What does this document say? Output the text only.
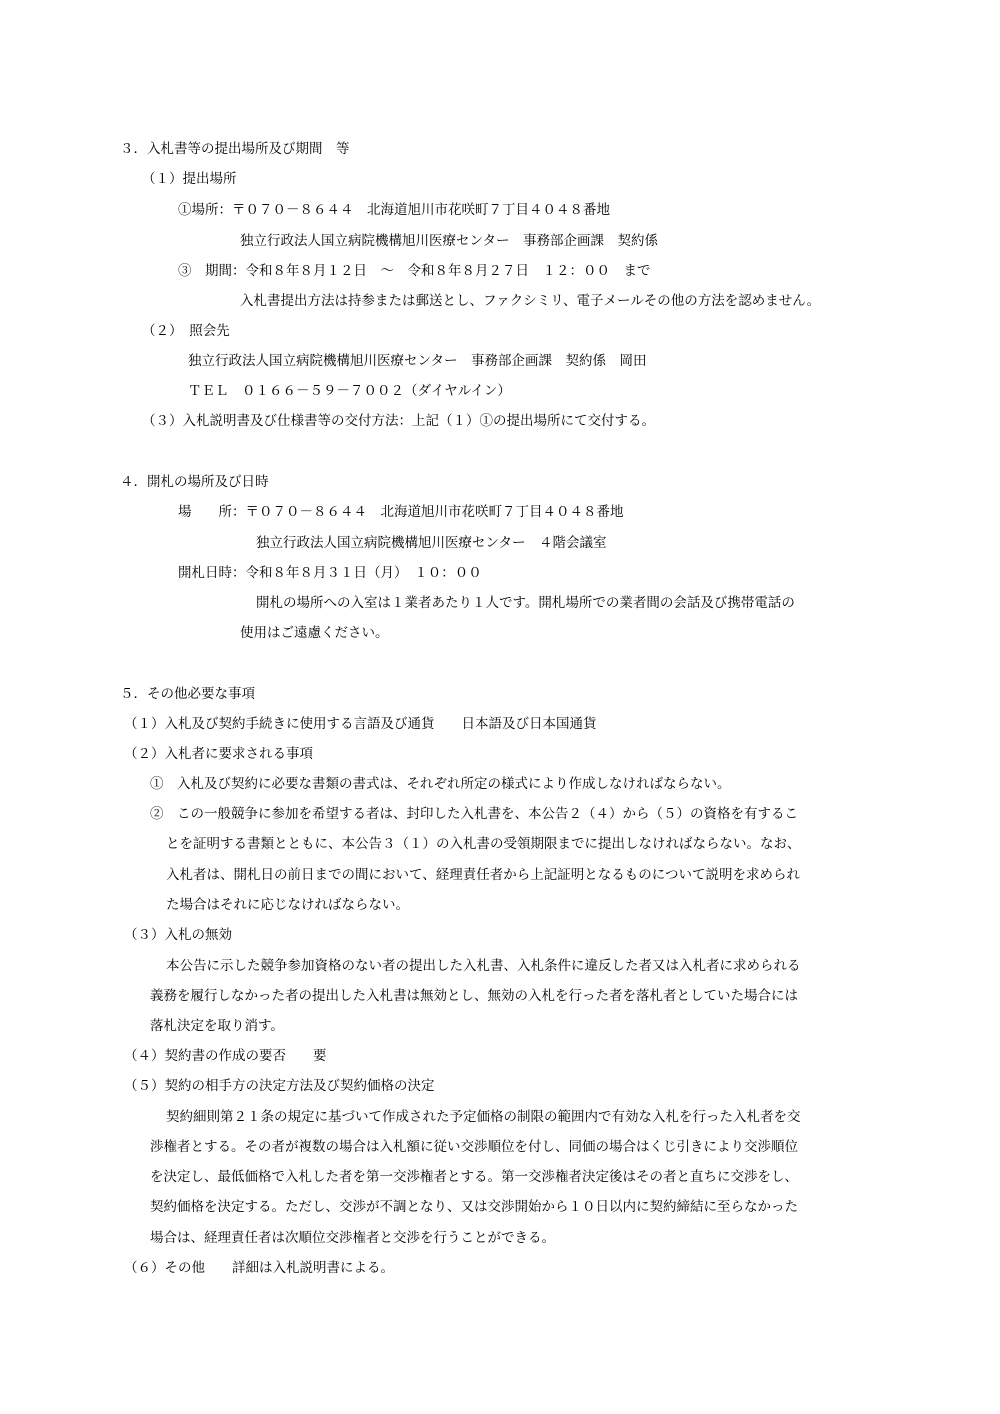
３．入札書等の提出場所及び期間　等
（１）提出場所
①場所：〒０７０－８６４４　北海道旭川市花咲町７丁目４０４８番地
独立行政法人国立病院機構旭川医療センター　事務部企画課　契約係
③　期間：令和８年８月１２日　～　令和８年８月２７日　１２：００　まで
入札書提出方法は持参または郵送とし、ファクシミリ、電子メールその他の方法を認めません。
（２）　照会先
独立行政法人国立病院機構旭川医療センター　事務部企画課　契約係　岡田
ＴＥＬ　０１６６－５９－７００２（ダイヤルイン）
（３）入札説明書及び仕様書等の交付方法：上記（１）①の提出場所にて交付する。
４．開札の場所及び日時
場　　所：〒０７０－８６４４　北海道旭川市花咲町７丁目４０４８番地
独立行政法人国立病院機構旭川医療センター　４階会議室
開札日時：令和８年８月３１日（月）　１０：００
開札の場所への入室は１業者あたり１人です。開札場所での業者間の会話及び携帯電話の
使用はご遠慮ください。
５．その他必要な事項
（１）入札及び契約手続きに使用する言語及び通貨　　日本語及び日本国通貨
（２）入札者に要求される事項
①　入札及び契約に必要な書類の書式は、それぞれ所定の様式により作成しなければならない。
②　この一般競争に参加を希望する者は、封印した入札書を、本公告２（４）から（５）の資格を有するこ
とを証明する書類とともに、本公告３（１）の入札書の受領期限までに提出しなければならない。なお、
入札者は、開札日の前日までの間において、経理責任者から上記証明となるものについて説明を求められ
た場合はそれに応じなければならない。
（３）入札の無効
本公告に示した競争参加資格のない者の提出した入札書、入札条件に違反した者又は入札者に求められる
義務を履行しなかった者の提出した入札書は無効とし、無効の入札を行った者を落札者としていた場合には
落札決定を取り消す。
（４）契約書の作成の要否　　要
（５）契約の相手方の決定方法及び契約価格の決定
契約細則第２１条の規定に基づいて作成された予定価格の制限の範囲内で有効な入札を行った入札者を交
渉権者とする。その者が複数の場合は入札額に従い交渉順位を付し、同価の場合はくじ引きにより交渉順位
を決定し、最低価格で入札した者を第一交渉権者とする。第一交渉権者決定後はその者と直ちに交渉をし、
契約価格を決定する。ただし、交渉が不調となり、又は交渉開始から１０日以内に契約締結に至らなかった
場合は、経理責任者は次順位交渉権者と交渉を行うことができる。
（６）その他　　詳細は入札説明書による。
